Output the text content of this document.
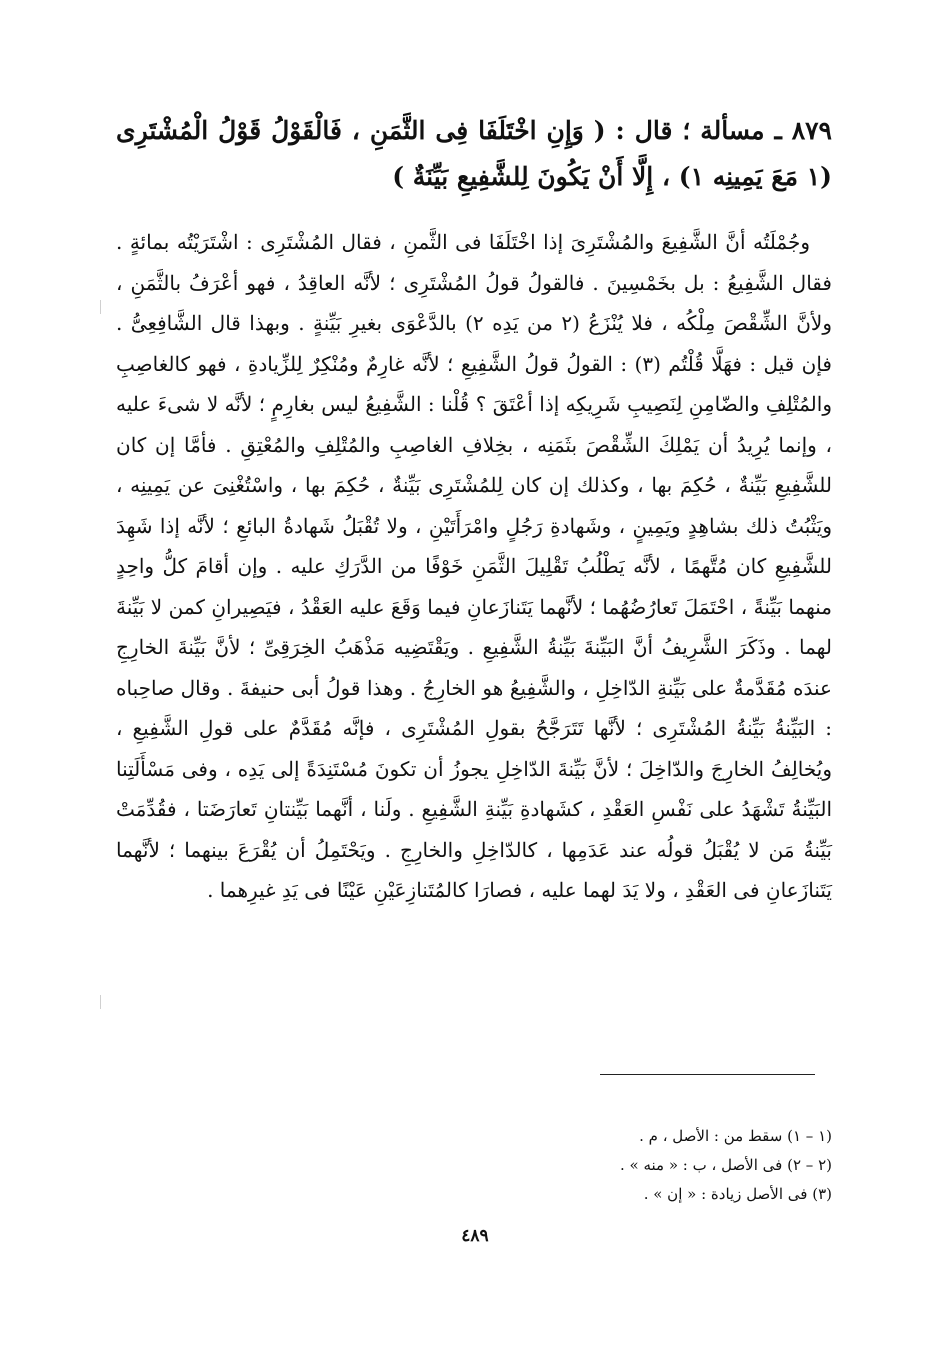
٨٧٩ ـ مسألة ؛ قال : ( وَإِنِ اخْتَلَفَا فِى الثَّمَنِ ، فَالْقَوْلُ قَوْلُ الْمُشْتَرِى (١ مَعَ يَمِينِه ١) ، إِلَّا أَنْ يَكُونَ لِلشَّفِيعِ بَيِّنَةٌ )

وجُمْلَتُه أنَّ الشَّفِيعَ والمُشْتَرِىَ إذا اخْتَلَفَا فى الثَّمنِ ، فقال المُشْتَرِى : اشْتَرَيْتُه بمائةٍ . فقال الشَّفِيعُ : بل بخَمْسِينَ . فالقولُ قولُ المُشْتَرِى ؛ لأنَّه العاقِدُ ، فهو أعْرَفُ بالثَّمَنِ ، ولأنَّ الشِّقْصَ مِلْكُه ، فلا يُنْزَعُ (٢ من يَدِه ٢) بالدَّعْوَى بغيرِ بَيِّنةٍ . وبهذا قال الشَّافِعِىُّ . فإن قيل : فهَلَّا قُلْتُم (٣) : القولُ قولُ الشَّفِيعِ ؛ لأنَّه غارِمٌ ومُنْكِرٌ لِلزِّيادةِ ، فهو كالغاصِبِ والمُتْلِفِ والضّامِنِ لِنَصِيبِ شَرِيكِه إذا أعْتَقَ ؟ قُلْنا : الشَّفِيعُ ليس بغارِمٍ ؛ لأنَّه لا شىءَ عليه ، وإنما يُرِيدُ أن يَمْلِكَ الشِّقْصَ بثَمَنِه ، بخِلافِ الغاصِبِ والمُتْلِفِ والمُعْتِقِ . فأمَّا إن كان للشَّفِيعِ بَيِّنةٌ ، حُكِمَ بها ، وكذلك إن كان لِلمُشْتَرِى بَيِّنةٌ ، حُكِمَ بها ، واسْتُغْنِىَ عن يَمِينِه ، ويَثْبُتُ ذلك بشاهِدٍ ويَمِينٍ ، وشَهادةِ رَجُلٍ وامْرَأَتَيْنِ ، ولا تُقْبَلُ شَهادةُ البائعِ ؛ لأنَّه إذا شَهِدَ للشَّفِيعِ كان مُتَّهمًا ، لأنَّه يَطْلُبُ تَقْلِيلَ الثَّمَنِ خَوْفًا من الدَّرَكِ عليه . وإن أقامَ كلُّ واحِدٍ منهما بَيِّنةً ، احْتَمَلَ تَعارُضُهُما ؛ لأنَّهما يَتَنازَعانِ فيما وَقَعَ عليه العَقْدُ ، فيَصِيرانِ كمن لا بَيِّنةَ لهما . وذَكَرَ الشَّرِيفُ أنَّ البَيِّنةَ بَيِّنةُ الشَّفِيعِ . ويَقْتَضِيه مَذْهَبُ الخِرَقِىِّ ؛ لأنَّ بَيِّنةَ الخارِجِ عندَه مُقَدَّمةٌ على بَيِّنةِ الدّاخِلِ ، والشَّفِيعُ هو الخارِجُ . وهذا قولُ أبى حنيفةَ . وقال صاحِباه : البَيِّنةُ بَيِّنةُ المُشْتَرِى ؛ لأنَّها تَتَرَجَّحُ بقولِ المُشْتَرِى ، فإنَّه مُقَدَّمٌ على قولِ الشَّفِيعِ ، ويُخالِفُ الخارِجَ والدّاخِلَ ؛ لأنَّ بَيِّنةَ الدّاخِلِ يجوزُ أن تكونَ مُسْتَنِدَةً إلى يَدِه ، وفى مَسْأَلَتِنا البَيِّنةُ تَشْهَدُ على نَفْسِ العَقْدِ ، كشَهادةِ بَيِّنةِ الشَّفِيعِ . ولَنا ، أنَّهما بَيِّنتانِ تَعارَضَتا ، فقُدِّمَتْ بَيِّنةُ مَن لا يُقْبَلُ قولُه عند عَدَمِها ، كالدّاخِلِ والخارِجِ . ويَحْتَمِلُ أن يُقْرَعَ بينهما ؛ لأنَّهما يَتَنازَعانِ فى العَقْدِ ، ولا يَدَ لهما عليه ، فصارَا كالمُتَنازِعَيْنِ عَيْنًا فى يَدِ غيرِهما .

(١ – ١) سقط من : الأصل ، م .
(٢ – ٢) فى الأصل ، ب : « منه » .
(٣) فى الأصل زيادة : « إن » .
٤٨٩
